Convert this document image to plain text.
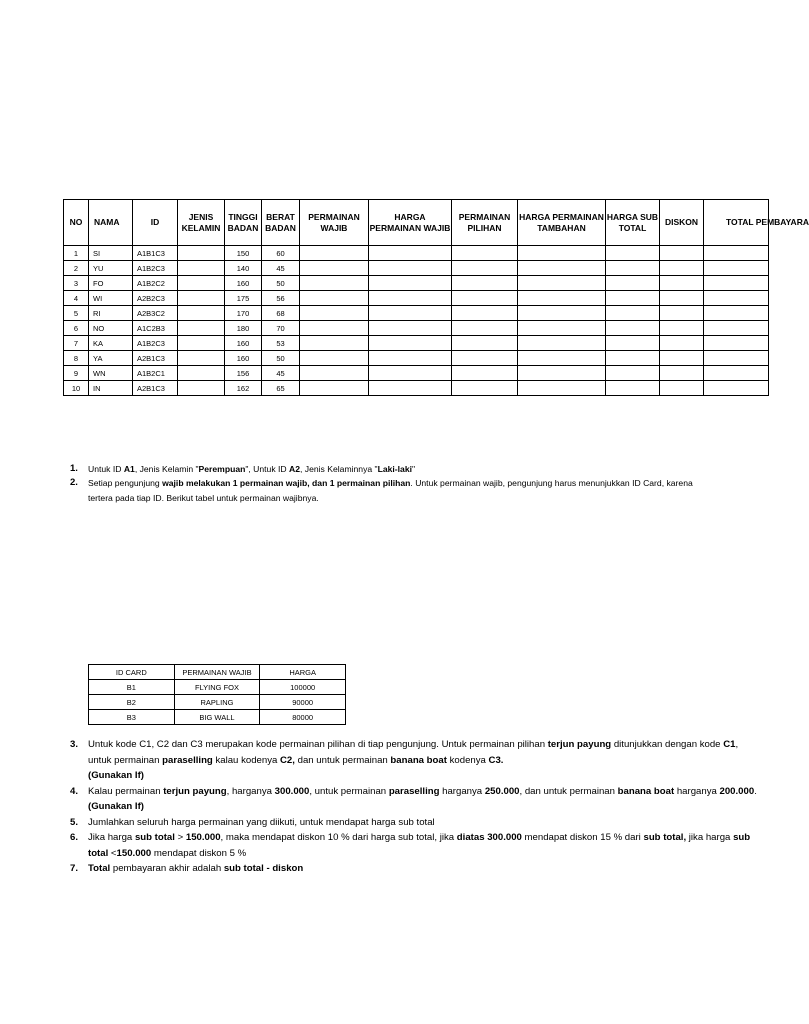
NO	NAMA	ID	JENIS KELAMIN	TINGGI BADAN	BERAT BADAN	PERMAINAN WAJIB	HARGA PERMAINAN WAJIB	PERMAINAN PILIHAN	HARGA PERMAINAN TAMBAHAN	HARGA SUB TOTAL	DISKON	TOTAL PEMBAYARA
1	SI	A1B1C3		150	60							
2	YU	A1B2C3		140	45							
3	FO	A1B2C2		160	50							
4	WI	A2B2C3		175	56							
5	RI	A2B3C2		170	68							
6	NO	A1C2B3		180	70							
7	KA	A1B2C3		160	53							
8	YA	A2B1C3		160	50							
9	WN	A1B2C1		156	45							
10	IN	A2B1C3		162	65							
1. Untuk ID A1, Jenis Kelamin "Perempuan", Untuk ID A2, Jenis Kelaminnya "Laki-laki"
2. Setiap pengunjung wajib melakukan 1 permainan wajib, dan 1 permainan pilihan. Untuk permainan wajib, pengunjung harus menunjukkan ID Card, karena tertera pada tiap ID. Berikut tabel untuk permainan wajibnya.
ID CARD	PERMAINAN WAJIB	HARGA
B1	FLYING FOX	100000
B2	RAPLING	90000
B3	BIG WALL	80000
3. Untuk kode C1, C2 dan C3 merupakan kode permainan pilihan di tiap pengunjung. Untuk permainan pilihan terjun payung ditunjukkan dengan kode C1, untuk permainan paraselling kalau kodenya C2, dan untuk permainan banana boat kodenya C3.
(Gunakan If)
4. Kalau permainan terjun payung, harganya 300.000, untuk permainan paraselling harganya 250.000, dan untuk permainan banana boat harganya 200.000. (Gunakan If)
5. Jumlahkan seluruh harga permainan yang diikuti, untuk mendapat harga sub total
6. Jika harga sub total > 150.000, maka mendapat diskon 10 % dari harga sub total, jika diatas 300.000 mendapat diskon 15 % dari sub total, jika harga sub total <150.000 mendapat diskon 5 %
7. Total pembayaran akhir adalah sub total - diskon
